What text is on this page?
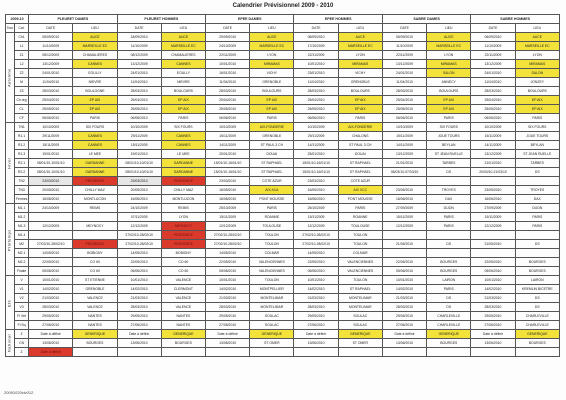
Calendrier Prévisionnel 2009 - 2010
2009-10		PLEURET DAMES		PLEURET HOMMES		EPEE DAMES		EPEE HOMMES		SABRE DAMES		SABRE HOMMES	
Tour	Cat.	DATE	LIEU	DATE	LIEU	DATE	LIEU	DATE	LIEU	DATE	LIEU	DATE	LIEU
Automne	Ch1	05/09/2010	AUCE	18/09/2010	AUCE	29/09/2010	AUCE	08/09/2010	AUCE	05/09/2010	AUCE	06/09/2010	AUCE
	L1	11/10/2009	MARSEILLE EC	11/10/2009	MARSEILLE EC	24/10/2009	MARSEILLE EC	17/10/2009	MARSEILLE EC	11/10/2009	MARSEILLE EC	11/10/2009	MARSEILLE EC
	Z1	08/12/2009	CHAMALIERES	08/12/2009	CHAMALIERES	22/11/2009	LYON	22/11/2009	LYON	22/11/2009	LYON	22/11/2009	LYON
	L2	13/12/2009	CANNES	13/12/2009	CANNES	10/01/2010	MIRAMAS	10/01/2010	MIRAMAS	13/12/2009	MIRAMAS	13/12/2009	MIRAMAS
	Z2	24/01/2010	EOULLY	24/01/2010	EOULLY	16/01/2010	VICHY	23/01/2010	VICHY	24/01/2010	SALON	24/01/2010	SALON
	M	11/04/2010	NIEVRE	11/04/2010	NIEVRE	11/04/2010	GRENOBLE	11/04/2010	GRENOBLE	11/04/2010	ANNECY	11/04/2010	JONZEY
	Z3	28/03/2010	BOULOGNE	28/03/2010	BOULOURS	28/03/2010	BOULOURS	28/03/2010	BOULOURS	28/03/2010	BOULOURS	28/03/2010	BOULOURS
	Ch.reg	25/04/2010	EP AIX	25/04/2010	EP AIX	25/04/2010	EP AIX	25/04/2010	EP AIX	25/04/2010	EP AIX	25/04/2010	EP AIX
	CL	25/05/2010	EP AIX	25/05/2010	EP AIX	25/05/2010	EP AIX	25/05/2010	EP AIX	25/05/2010	EP AIX	25/05/2010	EP AIX
	CF	06/06/2010	PARIS	06/06/2010	PARIS	06/06/2010	PARIS	06/06/2010	PARIS	06/06/2010	PARIS	06/06/2010	PARIS
Hiver	TN1	10/10/2009	SIX FOURS	10/10/2009	SIX FOURS	10/10/2009	AIX-FONDERIE	10/10/2009	AIX-FONDERIE	10/10/2009	SIX FOURS	10/10/2009	SIX FOURS
	R1.1	29/11/2009	CANNES	29/11/2009	CANNES	15/11/2009	GRENOBLE	29/11/2009	CHALONS	15/11/2009	JOUE TOURS	15/11/2009	JOUE TOURS
	R1.2	15/11/2009	CANNES	15/11/2009	CANNES	14/11/2009	ST PAUL 3 CH	14/11/2009	ST PAUL 3 CH	14/11/2009	BEYLAN	14/11/2009	BEYLAN
	R1.3	19/01/2010	LE MEE	19/01/2010	LE MEE	25/01/2010	DOUAI	25/01/2010	DOUAI	13/12/2009	ST JEAN RUELLE	13/12/2009	ST JEAN RUELLE
	R2.1	08/01/10-10/01/10	GARDANNE	08/01/10-10/01/10	GARDANNE	15/01/10-16/01/10	ST RAPHAEL	15/01/10-16/01/10	ST RAPHAEL	21/01/2010	TARBES	21/01/2010	TARBES
	R2.2	08/01/10-10/01/10	GARDANNE	08/01/10-10/01/10	GARDANNE	15/01/10-16/01/10	ST RAPHAEL	15/01/10-16/01/10	ST RAPHAEL	06/03/10-07/03/10	DS	20/03/10-21/03/10	DS
	TN2	23/03/2010	PROVENCE	23/03/2010	PROVENCE	23/03/2010	COTE AZUR	23/03/2010	COTE AZUR				
	TN3	20/05/2010	CHILLY MAZ	20/05/2010	CHILLY MAZ	16/05/2010	AIX ACA	16/05/2010	AIX VCC	23/05/2010	TROYES	23/05/2010	TROYES
	Fermes	16/06/2010	MONTLUCON	16/06/2010	MONTLUCON	16/06/2010	PONT MOUSSE	16/06/2010	PONT MOUSSE	16/06/2010	DAX	16/06/2010	DAX
Printemps	M1.1	24/10/2009	REIMS	24/10/2009	REIMS	25/10/2009	PARIS	25/10/2009	PARIS	27/09/2009	DIJON	27/09/2009	DIJON
	M1.2			07/11/2009	LYON	15/11/2009	ROANNE	15/11/2009	ROANNE	15/11/2009	PARIS	15/11/2009	PARIS
	M1.3	12/12/2009	MEYNOCY	12/12/2009	MEYNOCY	12/12/2009	TOULOUSE	12/12/2009	TOULOUSE	12/12/2009	PARIS	12/12/2009	PARIS
	M1.4			27/02/10-28/02/10	PROVENCE	27/02/10-28/02/10	TOULON	27/02/10-28/02/10	TOULON				
	M2	27/02/10-28/02/10	PROVENCE	27/02/10-28/02/10	PROVENCE	27/02/10-28/02/10	TOULON	27/02/10-28/02/10	TOULON	21/05/2010	DS	21/05/2010	DS
	M2.1	14/05/2010	BOBIGNY	14/05/2010	BOBIGNY	14/05/2010	COLMAR	14/05/2010	COLMAR				
	M2.2	22/05/2010	CO 60	22/05/2010	CO 60	22/05/2010	VALENCIENNES	22/05/2010	VALENCIENNES	22/05/2010	BOURGES	22/05/2010	BOURGES
	Finale	05/06/2010	CO 60	05/06/2010	CO 60	05/06/2010	VALENCIENNES	05/06/2010	VALENCIENNES	05/06/2010	BOURGES	05/06/2010	BOURGES
Eté	V	10/01/2010	ST ETIENNE	10/01/2010	VALENCE	10/01/2010	TOULON	10/01/2010	TOULON	10/01/2010	LAIRON	10/01/2010	LAIRON
	V1	14/02/2010	GRENOBLE	14/02/2010	CLERMONT	14/02/2010	MONTPELLIER	14/02/2010	ST RAPHAEL	14/02/2010	PARIS	14/02/2010	KREMLIN BICETRE
	V2	21/03/2010	VALENCE	21/03/2010	VALENCE	21/03/2010	MONTELIMAR	21/03/2010	MONTELIMAR	21/03/2010	DS	21/03/2010	DS
	V3	28/03/2010	VALENCE	28/03/2010	VALENCE	28/03/2010	MONTELIMAR	28/03/2010	MONTELIMAR	28/03/2010	DS	28/03/2010	DS
	Fi Vet	29/05/2010	NANTES	29/05/2010	NANTES	29/05/2010	SOULAC	29/05/2010	SOULAC	29/05/2010	CHARLEVILLE	29/05/2010	CHARLEVILLE
	Fi Sq	27/06/2010	NANTES	27/06/2010	NANTES	27/06/2010	SOULAC	27/06/2010	SOULAC	27/06/2010	CHARLEVILLE	27/06/2010	CHARLEVILLE
National	Z	Date à définir	GENERIQUE	Date à définir	GENERIQUE	Date à définir	GENERIQUE	Date à définir	GENERIQUE	Date à définir	GENERIQUE	Date à définir	GENERIQUE
	CN	13/06/2010	BOURGES	13/06/2010	BOURGES	13/06/2010	ST OMER	13/06/2010	ST OMER	13/06/2010	BOURGES	13/06/2010	BOURGES
	Z	Date à définir											
20091020xlv012
